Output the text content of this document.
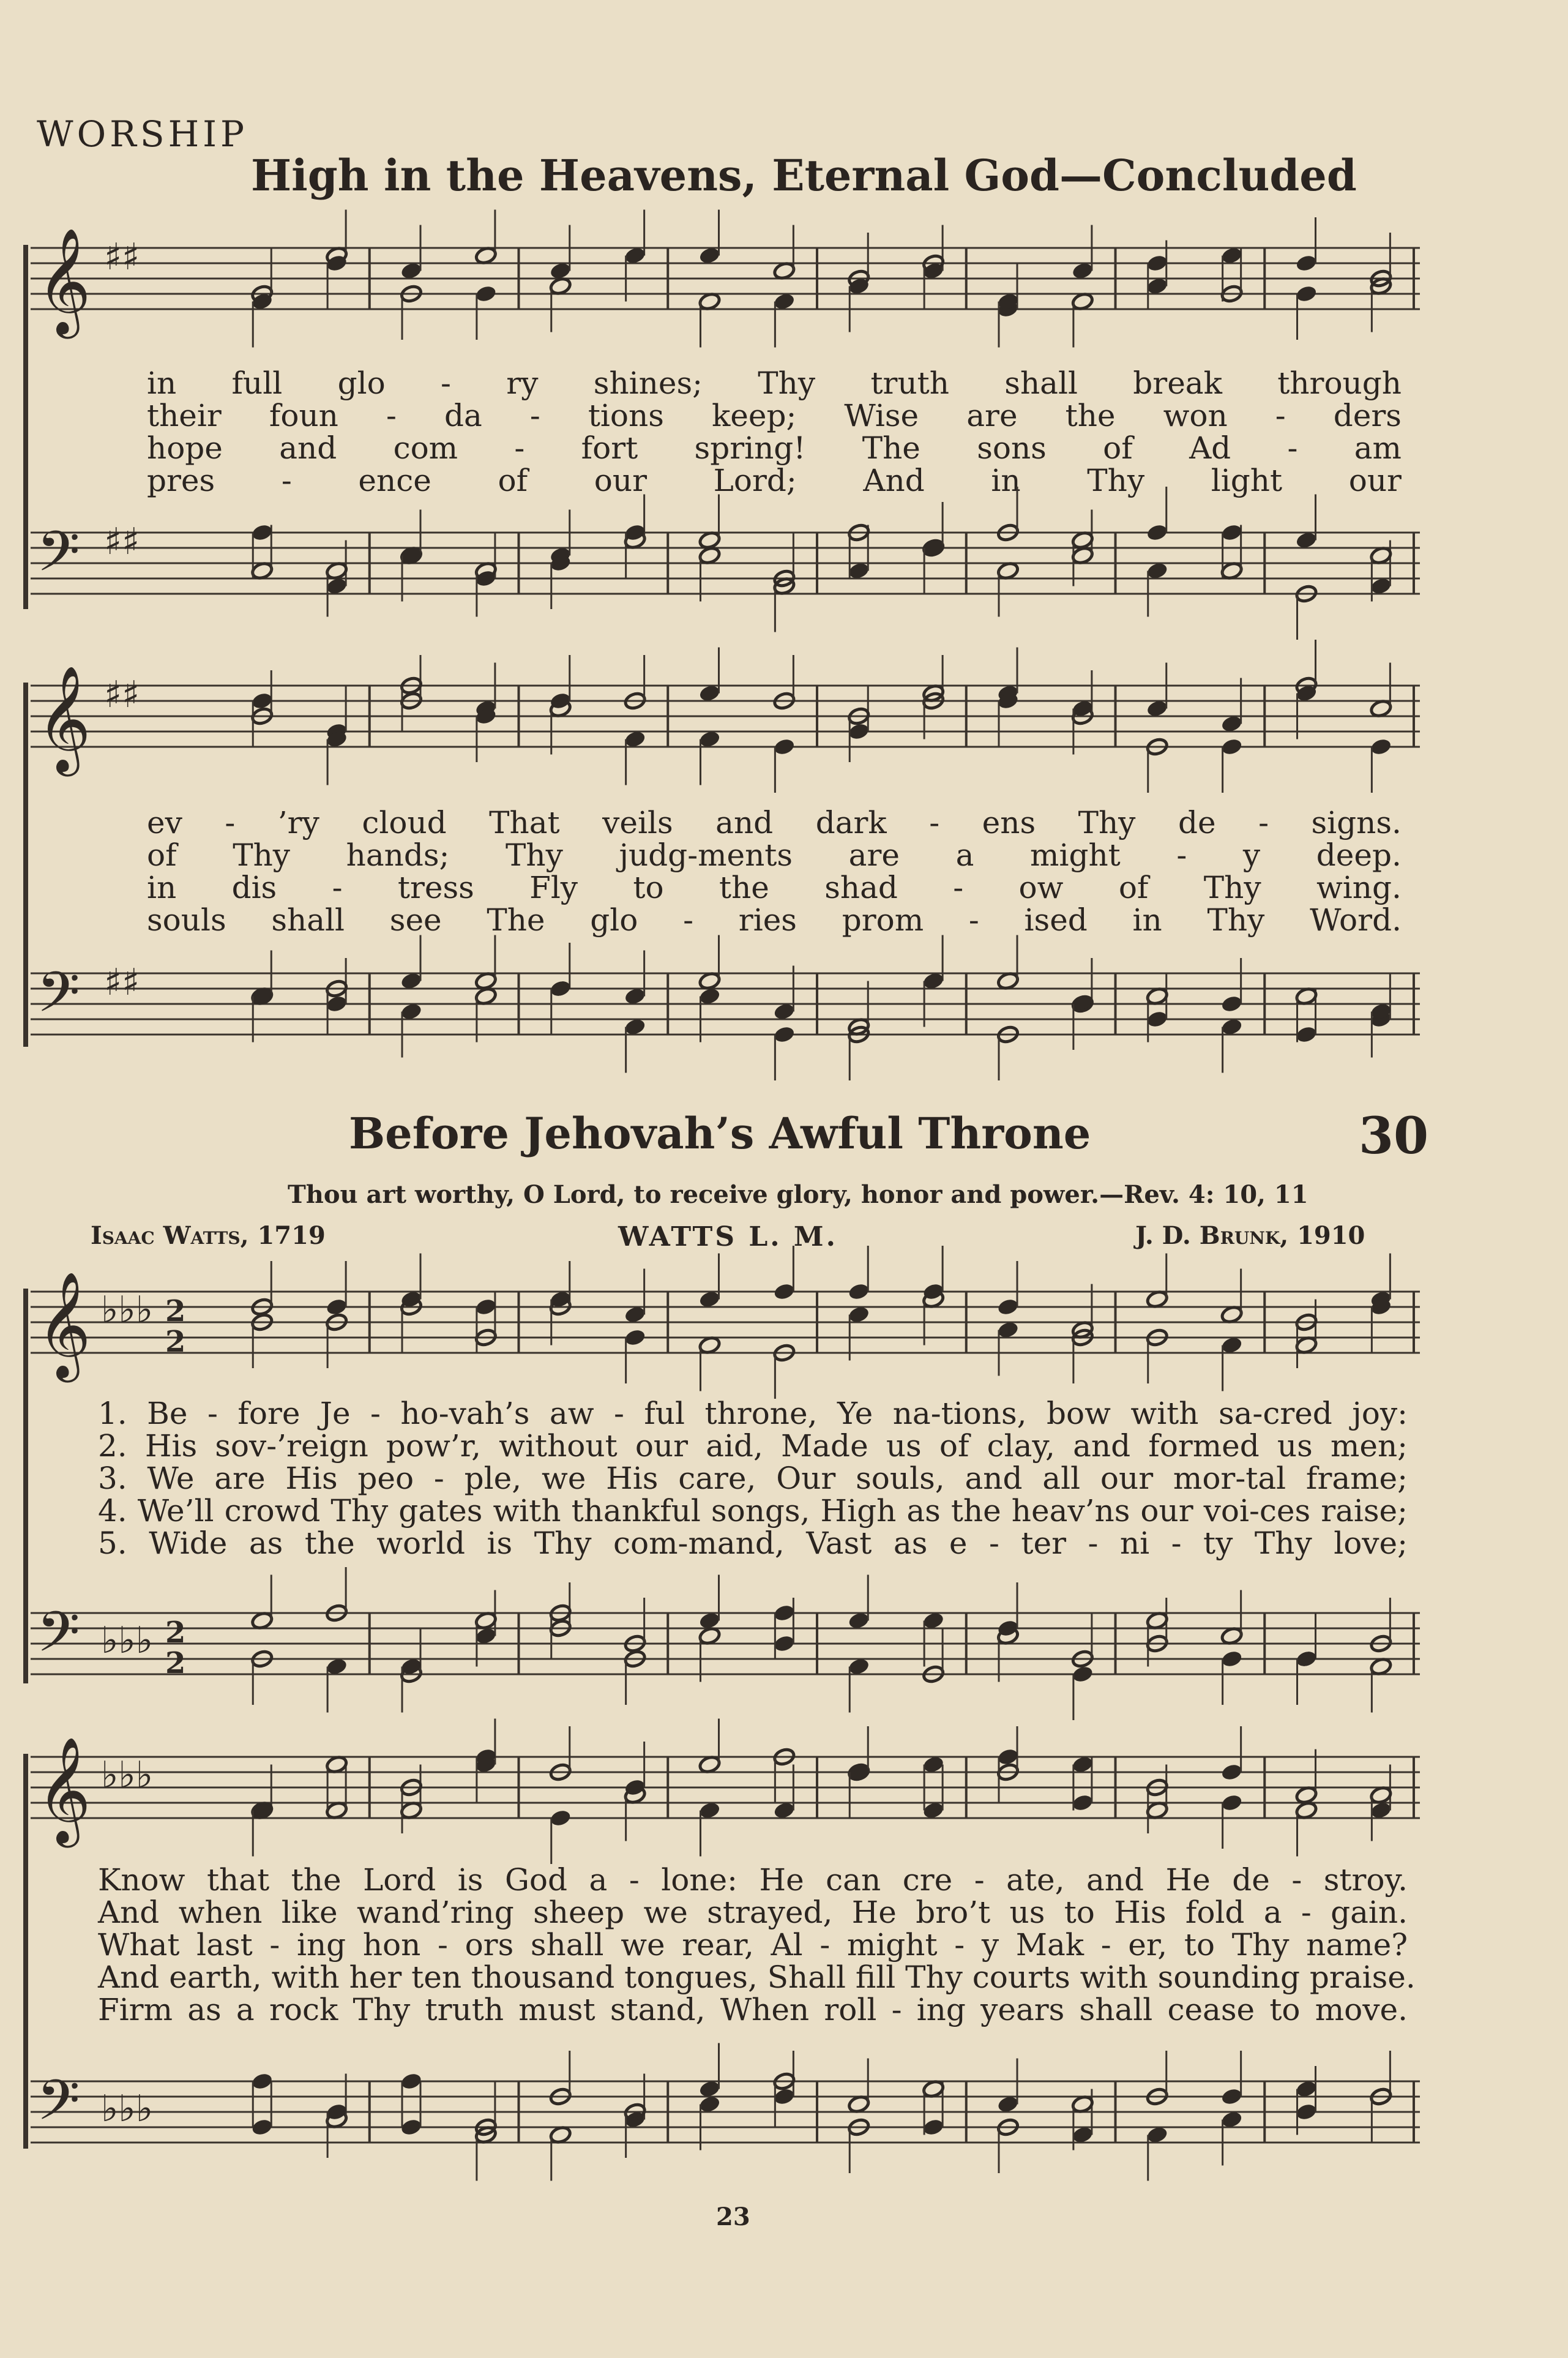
WORSHIP
High in the Heavens, Eternal God—Concluded
𝄞 ♯♯
in full glo - ry shines; Thy truth shall break through
their foun - da - tions keep; Wise are the won - ders
hope and com - fort spring! The sons of Ad - am
pres - ence of our Lord; And in Thy light our
𝄢 ♯♯
𝄞 ♯♯
ev - ’ry cloud That veils and dark - ens Thy de - signs.
of Thy hands; Thy judg-ments are a might - y deep.
in dis - tress Fly to the shad - ow of Thy wing.
souls shall see The glo - ries prom - ised in Thy Word.
𝄢 ♯♯
Before Jehovah’s Awful Throne	30
Thou art worthy, O Lord, to receive glory, honor and power.—Rev. 4: 10, 11
Isaac Watts, 1719	WATTS L. M.	J. D. Brunk, 1910
𝄞 ♭♭♭ 2
2
1. Be - fore Je - ho-vah’s aw - ful throne, Ye na-tions, bow with sa-cred joy:
2. His sov-’reign pow’r, without our aid, Made us of clay, and formed us men;
3. We are His peo - ple, we His care, Our souls, and all our mor-tal frame;
4. We’ll crowd Thy gates with thankful songs, High as the heav’ns our voi-ces raise;
5. Wide as the world is Thy com-mand, Vast as e - ter - ni - ty Thy love;
𝄢 ♭♭♭ 2
2
𝄞 ♭♭♭
Know that the Lord is God a - lone: He can cre - ate, and He de - stroy.
And when like wand’ring sheep we strayed, He bro’t us to His fold a - gain.
What last - ing hon - ors shall we rear, Al - might - y Mak - er, to Thy name?
And earth, with her ten thousand tongues, Shall fill Thy courts with sounding praise.
Firm as a rock Thy truth must stand, When roll - ing years shall cease to move.
𝄢 ♭♭♭
23
